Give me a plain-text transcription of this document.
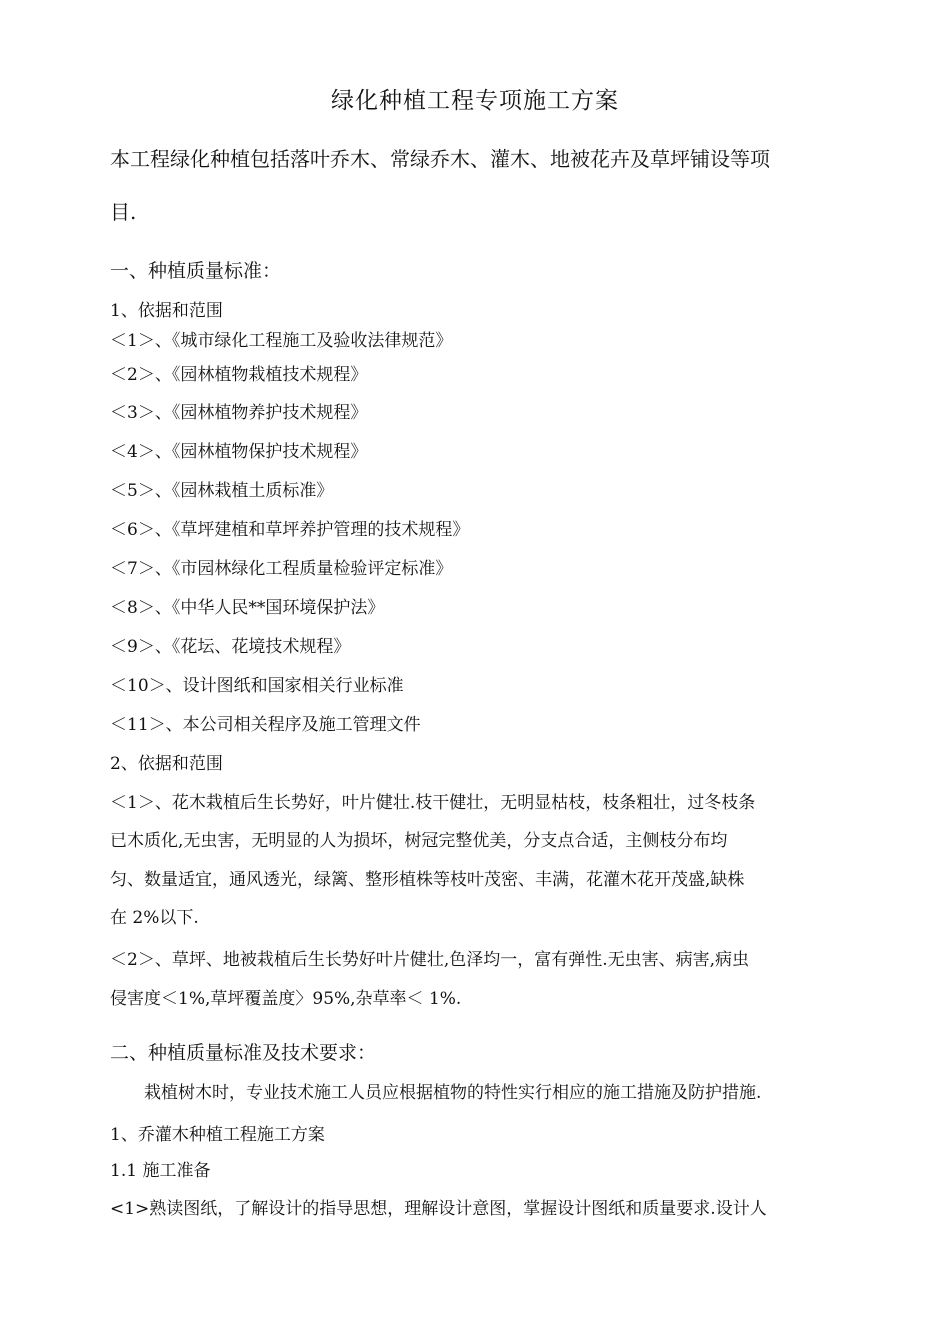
绿化种植工程专项施工方案
本工程绿化种植包括落叶乔木、常绿乔木、灌木、地被花卉及草坪铺设等项
目.
一、种植质量标准：
1、依据和范围
＜1＞、《城市绿化工程施工及验收法律规范》
＜2＞、《园林植物栽植技术规程》
＜3＞、《园林植物养护技术规程》
＜4＞、《园林植物保护技术规程》
＜5＞、《园林栽植土质标准》
＜6＞、《草坪建植和草坪养护管理的技术规程》
＜7＞、《市园林绿化工程质量检验评定标准》
＜8＞、《中华人民**国环境保护法》
＜9＞、《花坛、花境技术规程》
＜10＞、设计图纸和国家相关行业标准
＜11＞、本公司相关程序及施工管理文件
2、依据和范围
＜1＞、花木栽植后生长势好，叶片健壮.枝干健壮，无明显枯枝，枝条粗壮，过冬枝条
已木质化,无虫害，无明显的人为损坏，树冠完整优美，分支点合适，主侧枝分布均
匀、数量适宜，通风透光，绿篱、整形植株等枝叶茂密、丰满，花灌木花开茂盛,缺株
在 2%以下.
＜2＞、草坪、地被栽植后生长势好叶片健壮,色泽均一，富有弹性.无虫害、病害,病虫
侵害度＜1%,草坪覆盖度〉95%,杂草率＜ 1%.
二、种植质量标准及技术要求：
栽植树木时，专业技术施工人员应根据植物的特性实行相应的施工措施及防护措施.
1、乔灌木种植工程施工方案
1.1 施工准备
<1>熟读图纸，了解设计的指导思想，理解设计意图，掌握设计图纸和质量要求.设计人
